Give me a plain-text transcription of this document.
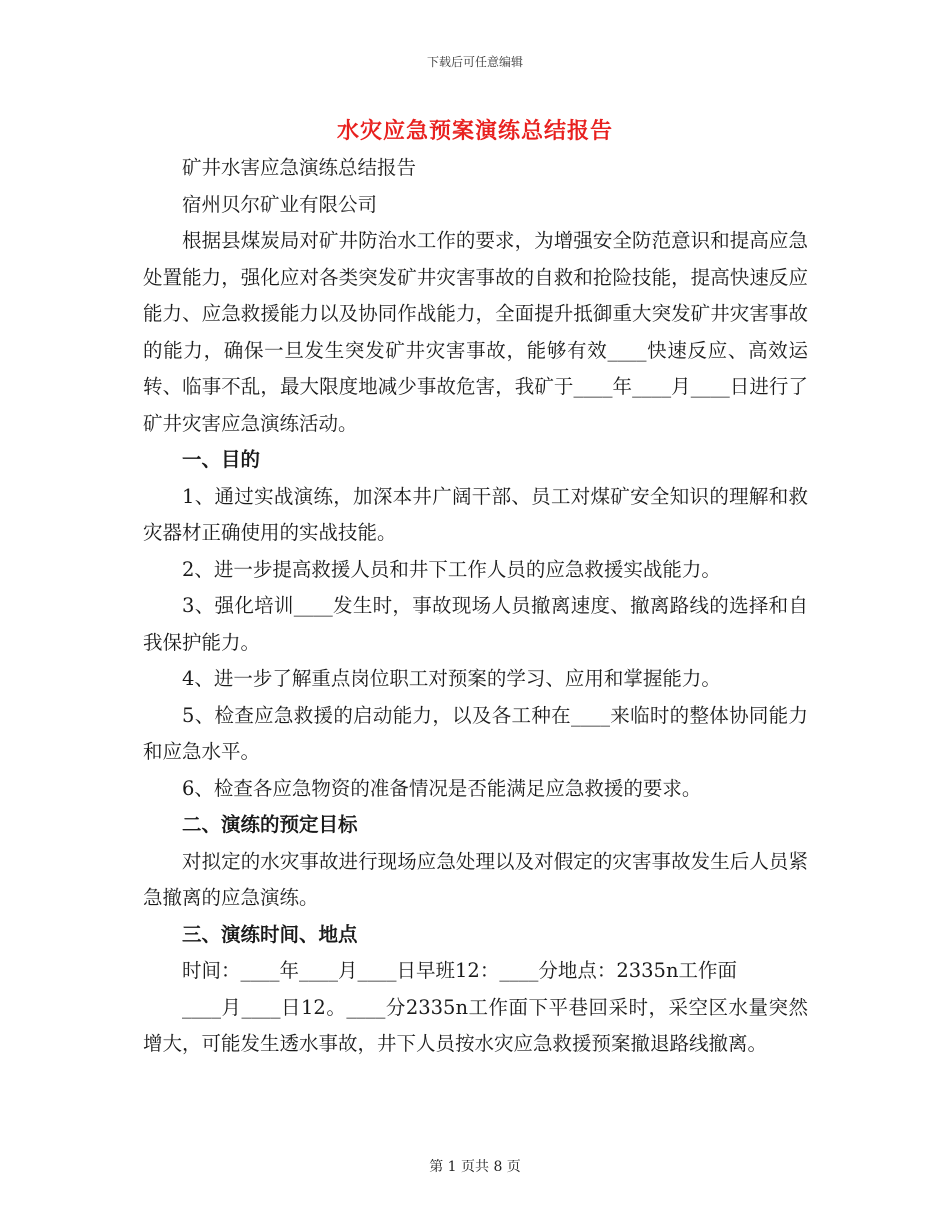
下载后可任意编辑
水灾应急预案演练总结报告

矿井水害应急演练总结报告

宿州贝尔矿业有限公司

根据县煤炭局对矿井防治水工作的要求，为增强安全防范意识和提高应急处置能力，强化应对各类突发矿井灾害事故的自救和抢险技能，提高快速反应能力、应急救援能力以及协同作战能力，全面提升抵御重大突发矿井灾害事故的能力，确保一旦发生突发矿井灾害事故，能够有效____快速反应、高效运转、临事不乱，最大限度地减少事故危害，我矿于____年____月____日进行了矿井灾害应急演练活动。

一、目的

1、通过实战演练，加深本井广阔干部、员工对煤矿安全知识的理解和救灾器材正确使用的实战技能。

2、进一步提高救援人员和井下工作人员的应急救援实战能力。

3、强化培训____发生时，事故现场人员撤离速度、撤离路线的选择和自我保护能力。

4、进一步了解重点岗位职工对预案的学习、应用和掌握能力。

5、检查应急救援的启动能力，以及各工种在____来临时的整体协同能力和应急水平。

6、检查各应急物资的准备情况是否能满足应急救援的要求。

二、演练的预定目标

对拟定的水灾事故进行现场应急处理以及对假定的灾害事故发生后人员紧急撤离的应急演练。

三、演练时间、地点

时间：____年____月____日早班12：____分地点：2335n工作面

____月____日12。____分2335n工作面下平巷回采时，采空区水量突然增大，可能发生透水事故，井下人员按水灾应急救援预案撤退路线撤离。

第 1 页共 8 页
